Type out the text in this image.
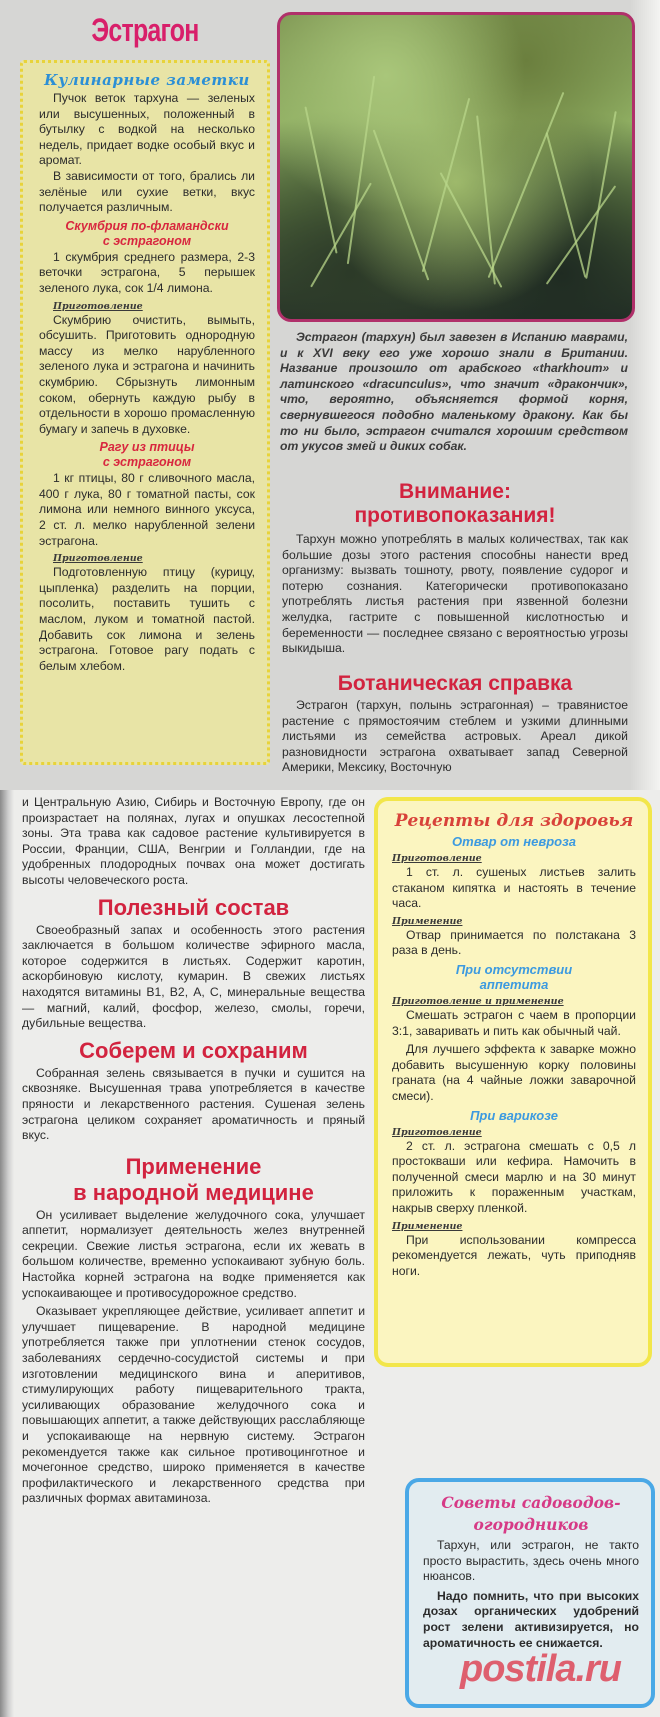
Эстрагон
Кулинарные заметки

Пучок веток тархуна — зеленых или высушенных, положенный в бутылку с водкой на несколько недель, придает водке особый вкус и аромат.

В зависимости от того, брались ли зелёные или сухие ветки, вкус получается различным.

Скумбрия по-фламандски
с эстрагоном

1 скумбрия среднего размера, 2-3 веточки эстрагона, 5 перышек зеленого лука, сок 1/4 лимона.

Приготовление

Скумбрию очистить, вымыть, обсушить. Приготовить однородную массу из мелко нарубленного зеленого лука и эстрагона и начинить скумбрию. Сбрызнуть лимонным соком, обернуть каждую рыбу в отдельности в хорошо промасленную бумагу и запечь в духовке.

Рагу из птицы
с эстрагоном

1 кг птицы, 80 г сливочного масла, 400 г лука, 80 г томатной пасты, сок лимона или немного винного уксуса, 2 ст. л. мелко нарубленной зелени эстрагона.

Приготовление

Подготовленную птицу (курицу, цыпленка) разделить на порции, посолить, поставить тушить с маслом, луком и томатной пастой. Добавить сок лимона и зелень эстрагона. Готовое рагу подать с белым хлебом.

Эстрагон (тархун) был завезен в Испанию маврами, и к XVI веку его уже хорошо знали в Британии. Название произошло от арабского «tharkhoum» и латинского «dracunculus», что значит «дракончик», что, вероятно, объясняется формой корня, свернувшегося подобно маленькому дракону. Как бы то ни было, эстрагон считался хорошим средством от укусов змей и диких собак.

Внимание:
противопоказания!

Тархун можно употреблять в малых количествах, так как большие дозы этого растения способны нанести вред организму: вызвать тошноту, рвоту, появление судорог и потерю сознания. Категорически противопоказано употреблять листья растения при язвенной болезни желудка, гастрите с повышенной кислотностью и беременности — последнее связано с вероятностью угрозы выкидыша.

Ботаническая справка

Эстрагон (тархун, полынь эстрагонная) – травянистое растение с прямостоячим стеблем и узкими длинными листьями из семейства астровых. Ареал дикой разновидности эстрагона охватывает запад Северной Америки, Мексику, Восточную

и Центральную Азию, Сибирь и Восточную Европу, где он произрастает на полянах, лугах и опушках лесостепной зоны. Эта трава как садовое растение культивируется в России, Франции, США, Венгрии и Голландии, где на удобренных плодородных почвах она может достигать высоты человеческого роста.

Полезный состав

Своеобразный запах и особенность этого растения заключается в большом количестве эфирного масла, которое содержится в листьях. Содержит каротин, аскорбиновую кислоту, кумарин. В свежих листьях находятся витамины В1, В2, А, С, минеральные вещества — магний, калий, фосфор, железо, смолы, горечи, дубильные вещества.

Соберем и сохраним

Собранная зелень связывается в пучки и сушится на сквозняке. Высушенная трава употребляется в качестве пряности и лекарственного растения. Сушеная зелень эстрагона целиком сохраняет ароматичность и пряный вкус.

Применение
в народной медицине

Он усиливает выделение желудочного сока, улучшает аппетит, нормализует деятельность желез внутренней секреции. Свежие листья эстрагона, если их жевать в большом количестве, временно успокаивают зубную боль. Настойка корней эстрагона на водке применяется как успокаивающее и противосудорожное средство.

Оказывает укрепляющее действие, усиливает аппетит и улучшает пищеварение. В народной медицине употребляется также при уплотнении стенок сосудов, заболеваниях сердечно-сосудистой системы и при изготовлении медицинского вина и аперитивов, стимулирующих работу пищеварительного тракта, усиливающих образование желудочного сока и повышающих аппетит, а также действующих расслабляюще и успокаивающе на нервную систему. Эстрагон рекомендуется также как сильное противоцинготное и мочегонное средство, широко применяется в качестве профилактического и лекарственного средства при различных формах авитаминоза.

Рецепты для здоровья
Отвар от невроза
Приготовление

1 ст. л. сушеных листьев залить стаканом кипятка и настоять в течение часа.

Применение

Отвар принимается по полстакана 3 раза в день.

При отсутствии
аппетита
Приготовление и применение

Смешать эстрагон с чаем в пропорции 3:1, заваривать и пить как обычный чай.

Для лучшего эффекта к заварке можно добавить высушенную корку половины граната (на 4 чайные ложки заварочной смеси).

При варикозе
Приготовление

2 ст. л. эстрагона смешать с 0,5 л простокваши или кефира. Намочить в полученной смеси марлю и на 30 минут приложить к пораженным участкам, накрыв сверху пленкой.

Применение

При использовании компресса рекомендуется лежать, чуть приподняв ноги.

Советы садоводов-
огородников

Тархун, или эстрагон, не такто просто вырастить, здесь очень много нюансов.

Надо помнить, что при высоких дозах органических удобрений рост зелени активизируется, но ароматичность ее снижается.

postila.ru
